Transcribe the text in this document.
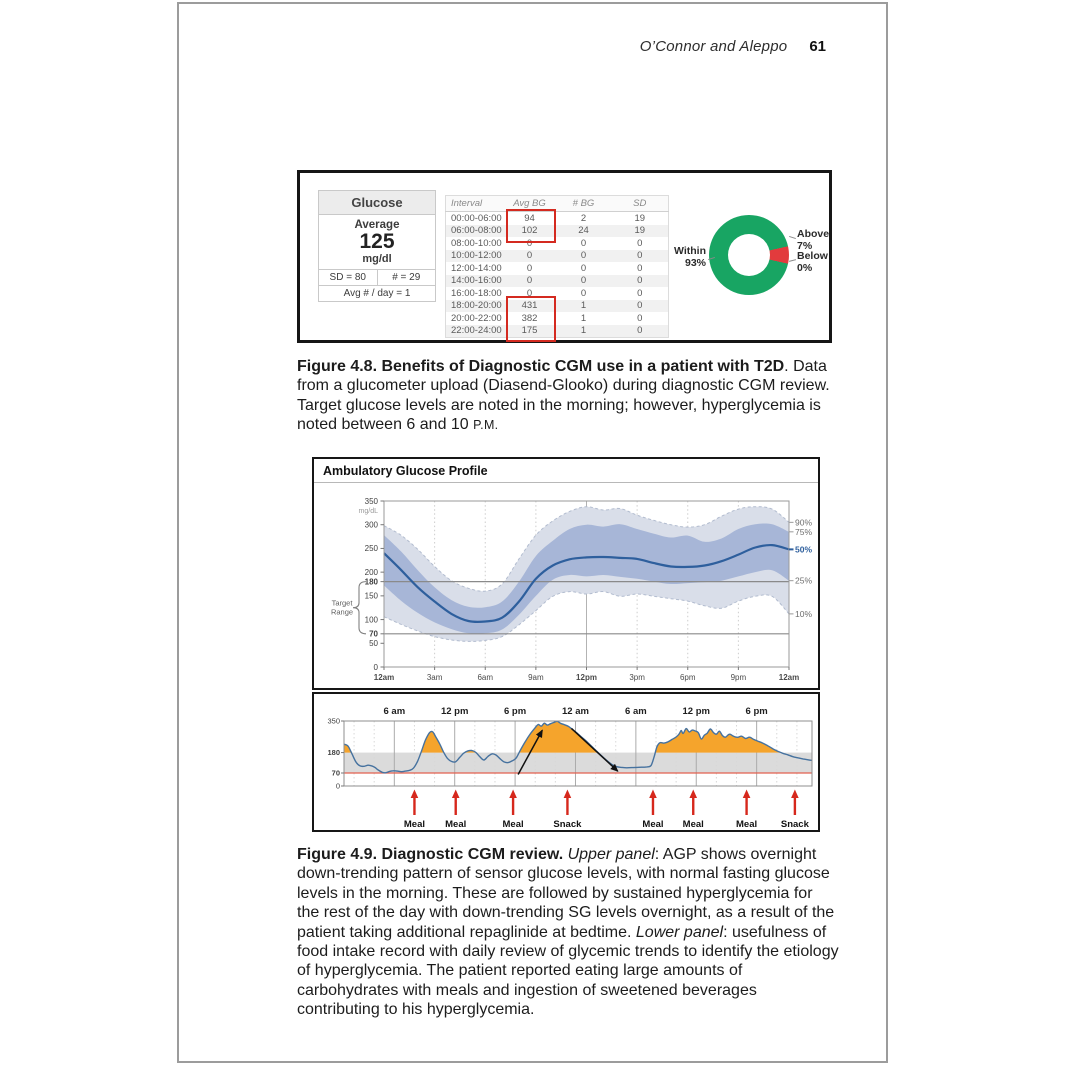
O’Connor and Aleppo 61
Glucose
Average
125
mg/dl
SD = 80	# = 29
Avg # / day = 1
Interval	Avg BG	# BG	SD
00:00-06:00	94	2	19
06:00-08:00	102	24	19
08:00-10:00	0	0	0
10:00-12:00	0	0	0
12:00-14:00	0	0	0
14:00-16:00	0	0	0
16:00-18:00	0	0	0
18:00-20:00	431	1	0
20:00-22:00	382	1	0
22:00-24:00	175	1	0
Within
93%
Above
7%
Below
0%

Figure 4.8. Benefits of Diagnostic CGM use in a patient with T2D. Data from a glucometer upload (Diasend-Glooko) during diagnostic CGM review. Target glucose levels are noted in the morning; however, hyperglycemia is noted between 6 and 10 P.M.

Ambulatory Glucose Profile
350
300
250
200
180
150
100
70
50
0
mg/dL
12am	3am	6am	9am	12pm	3pm	6pm	9pm	12am
90%
75%
50%
25%
10%
Target
Range
350
180
70
0
6 am	12 pm	6 pm	12 am	6 am	12 pm	6 pm
Meal Meal	Meal	Snack	Meal Meal	Meal Snack

Figure 4.9. Diagnostic CGM review. Upper panel: AGP shows overnight down-trending pattern of sensor glucose levels, with normal fasting glucose levels in the morning. These are followed by sustained hyperglycemia for the rest of the day with down-trending SG levels overnight, as a result of the patient taking additional repaglinide at bedtime. Lower panel: usefulness of food intake record with daily review of glycemic trends to identify the etiology of hyperglycemia. The patient reported eating large amounts of carbohydrates with meals and ingestion of sweetened beverages contributing to his hyperglycemia.
